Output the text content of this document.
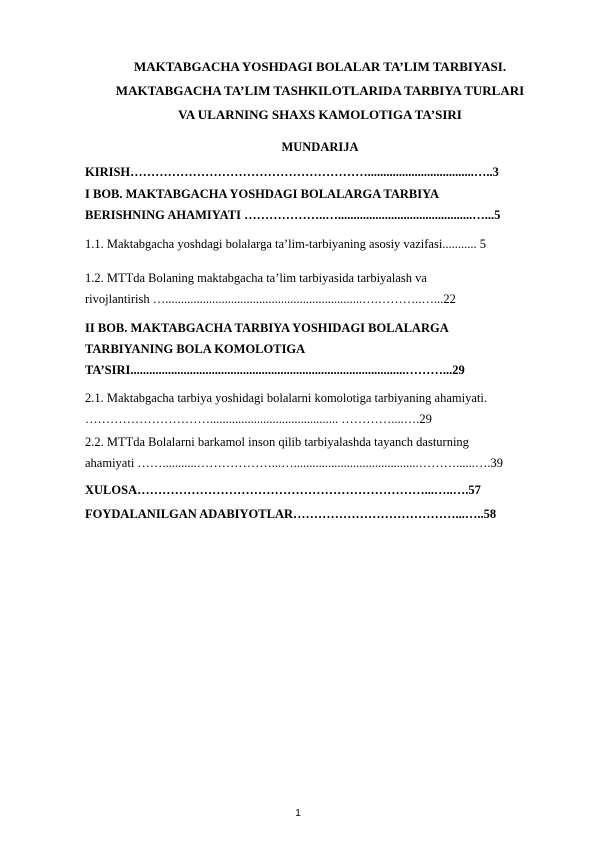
MAKTABGACHA YOSHDAGI BOLALAR TA’LIM TARBIYASI.
MAKTABGACHA TA’LIM TASHKILOTLARIDA TARBIYA TURLARI
VA ULARNING SHAXS KAMOLOTIGA TA’SIRI
MUNDARIJA
KIRISH…………………………………………………..................................…..3
I BOB. MAKTABGACHA YOSHDAGI BOLALARGA TARBIYA
BERISHNING AHAMIYATI ………………..…...........................................…...5
1.1. Maktabgacha yoshdagi bolalarga ta’lim-tarbiyaning asosiy vazifasi........... 5
1.2. MTTda Bolaning maktabgacha ta’lim tarbiyasida tarbiyalash va
rivojlantirish …...............................................................….………..…...22
II BOB. MAKTABGACHA TARBIYA YOSHIDAGI BOLALARGA
TARBIYANING BOLA KOMOLOTIGA
TA’SIRI........................................................................................………...29
2.1. Maktabgacha tarbiya yoshidagi bolalarni komolotiga tarbiyaning ahamiyati.
…………………………......................................... …………....….29
2.2. MTTda Bolalarni barkamol inson qilib tarbiyalashda tayanch dasturning
ahamiyati ……...........………………...…........................................………......….39
XULOSA……………………………………………………………...…..….57
FOYDALANILGAN ADABIYOTLAR…………………………………...…..58
1
